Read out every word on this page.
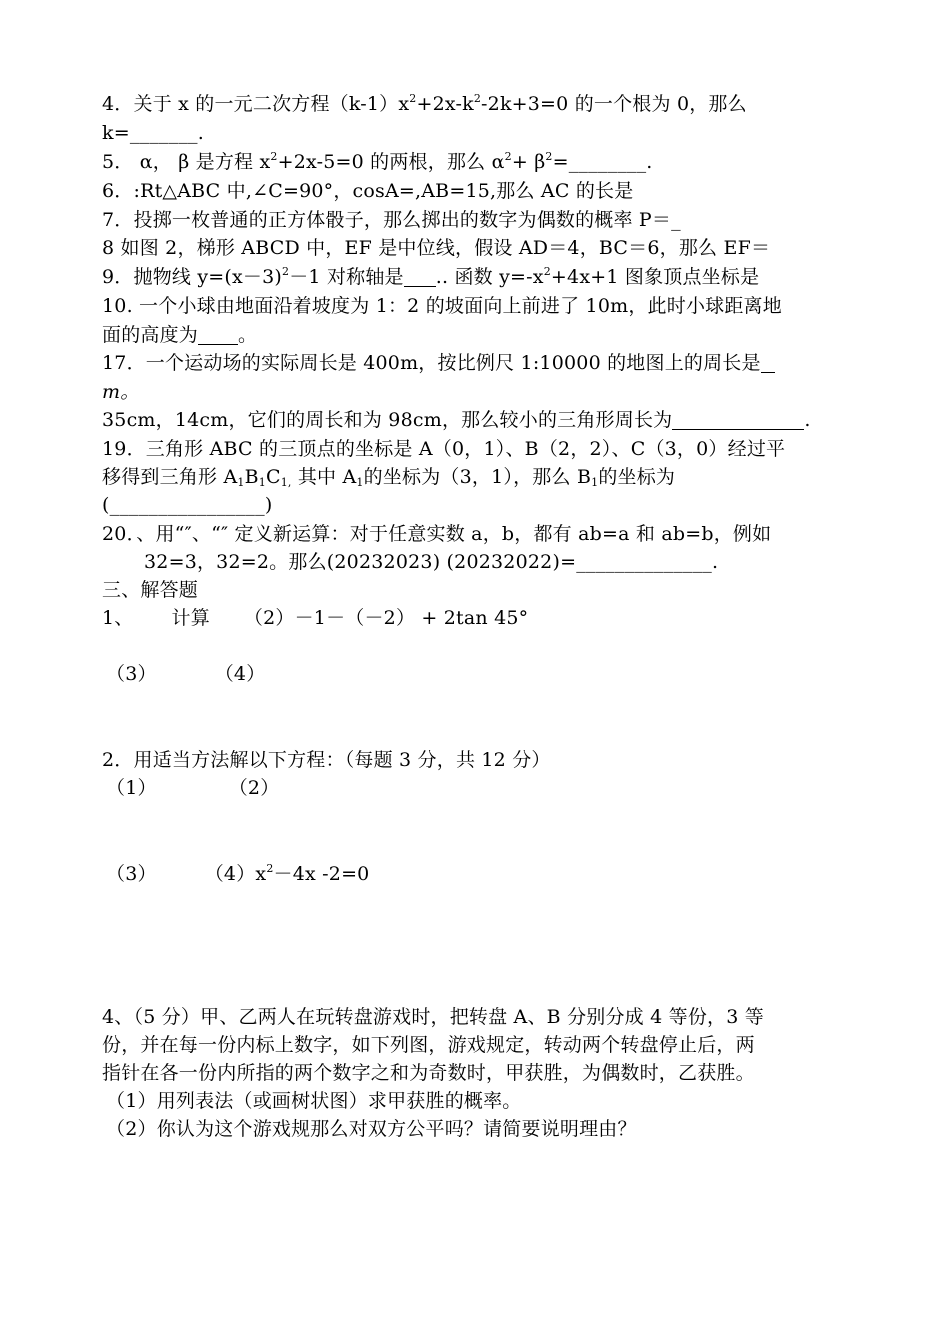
4．关于 x 的一元二次方程$(k-1)x^2+2x-k^2-2k+3=0$ 的一个根为 0，那么
k=_______.
5． α， β 是方程 $x^2+2x-5=0$ 的两根，那么 $\alpha^2+$ $\beta^2=\_\_\_\_\_\_\_\_$.
6．:Rt△ABC 中,∠C=90°，cosA=,AB=15,那么 AC 的长是
7．投掷一枚普通的正方体骰子，那么掷出的数字为偶数的概率 P＝_
8 如图 2，梯形 ABCD 中，EF 是中位线，假设 AD＝4，BC＝6，那么 EF＝
9．抛物线 $y=(x-3)^2-1$ 对称轴是 .. 函数 $y=-x^2+4x+1$ 图象顶点坐标是
10. 一个小球由地面沿着坡度为 1：2 的坡面向上前进了 10m，此时小球距离地
面的高度为 。
17．一个运动场的实际周长是 400m，按比例尺 1:10000 的地图上的周长是
m。
35cm，14cm，它们的周长和为 98cm，那么较小的三角形周长为	.
19．三角形 ABC 的三顶点的坐标是 A（0，1）、B（2，2）、C（3，0）经过平
移得到三角形 $A_1B_1C_{1,}$ 其中 $A_1$的坐标为（3，1），那么 $B_1$的坐标为
(________________)
20．、用“″、“″ 定义新运算：对于任意实数 a，b，都有 ab=a 和 ab=b，例如
32=3，32=2。那么(20232023) (20232022)=______________.
三、解答题
1、 计算 （2）－1－（－2） + 2tan 45°
（3）	（4）
2．用适当方法解以下方程：（每题 3 分，共 12 分）
（1）	（2）
（3）	$(4)x^2-4x$ -2=0
4、（5 分）甲、乙两人在玩转盘游戏时，把转盘 A、B 分别分成 4 等份，3 等
份，并在每一份内标上数字，如下列图，游戏规定，转动两个转盘停止后，两
指针在各一份内所指的两个数字之和为奇数时，甲获胜，为偶数时，乙获胜。
（1）用列表法（或画树状图）求甲获胜的概率。
（2）你认为这个游戏规那么对双方公平吗？请简要说明理由？
